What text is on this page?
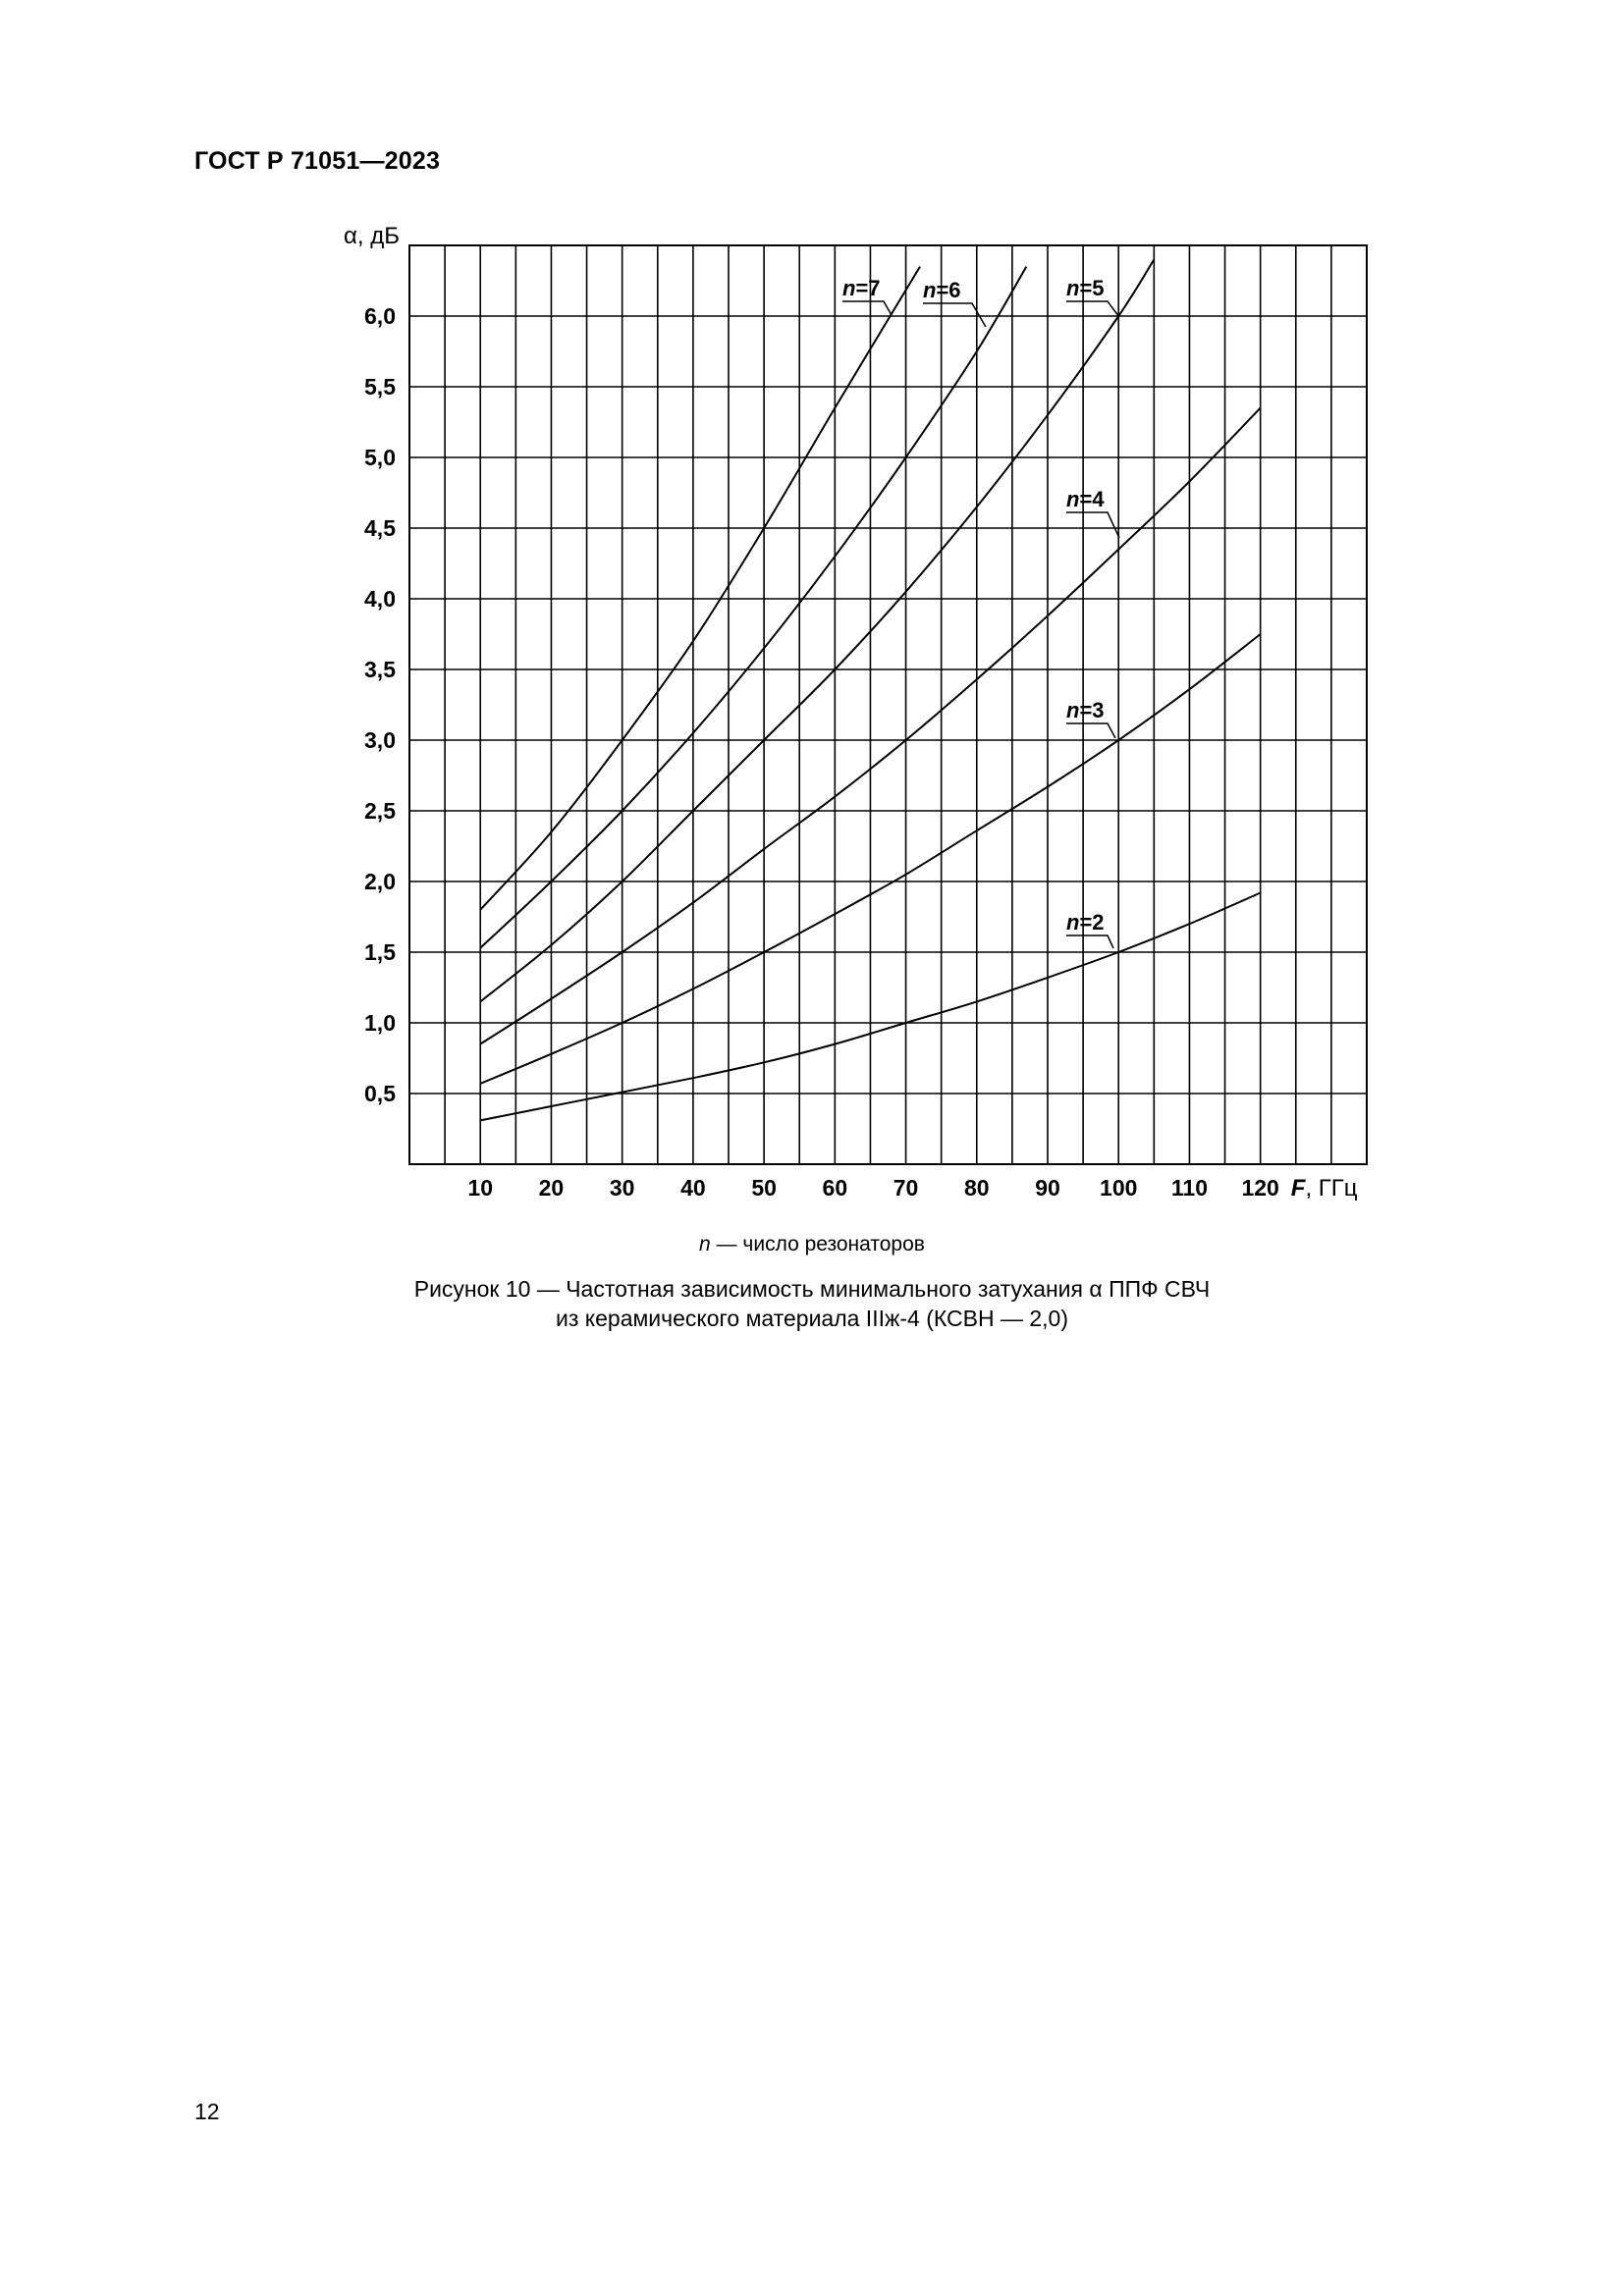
ГОСТ Р 71051—2023
n=2
n=3
n=4
n=5
n=6
n=7
0,5
1,0
1,5
2,0
2,5
3,0
3,5
4,0
4,5
5,0
5,5
6,0
10 20 30 40 50 60 70 80 90 100 110 120
α, дБ
F, ГГц
n — число резонаторов
Рисунок 10 — Частотная зависимость минимального затухания α ППФ СВЧ
из керамического материала IIIж-4 (КСВН — 2,0)
12
